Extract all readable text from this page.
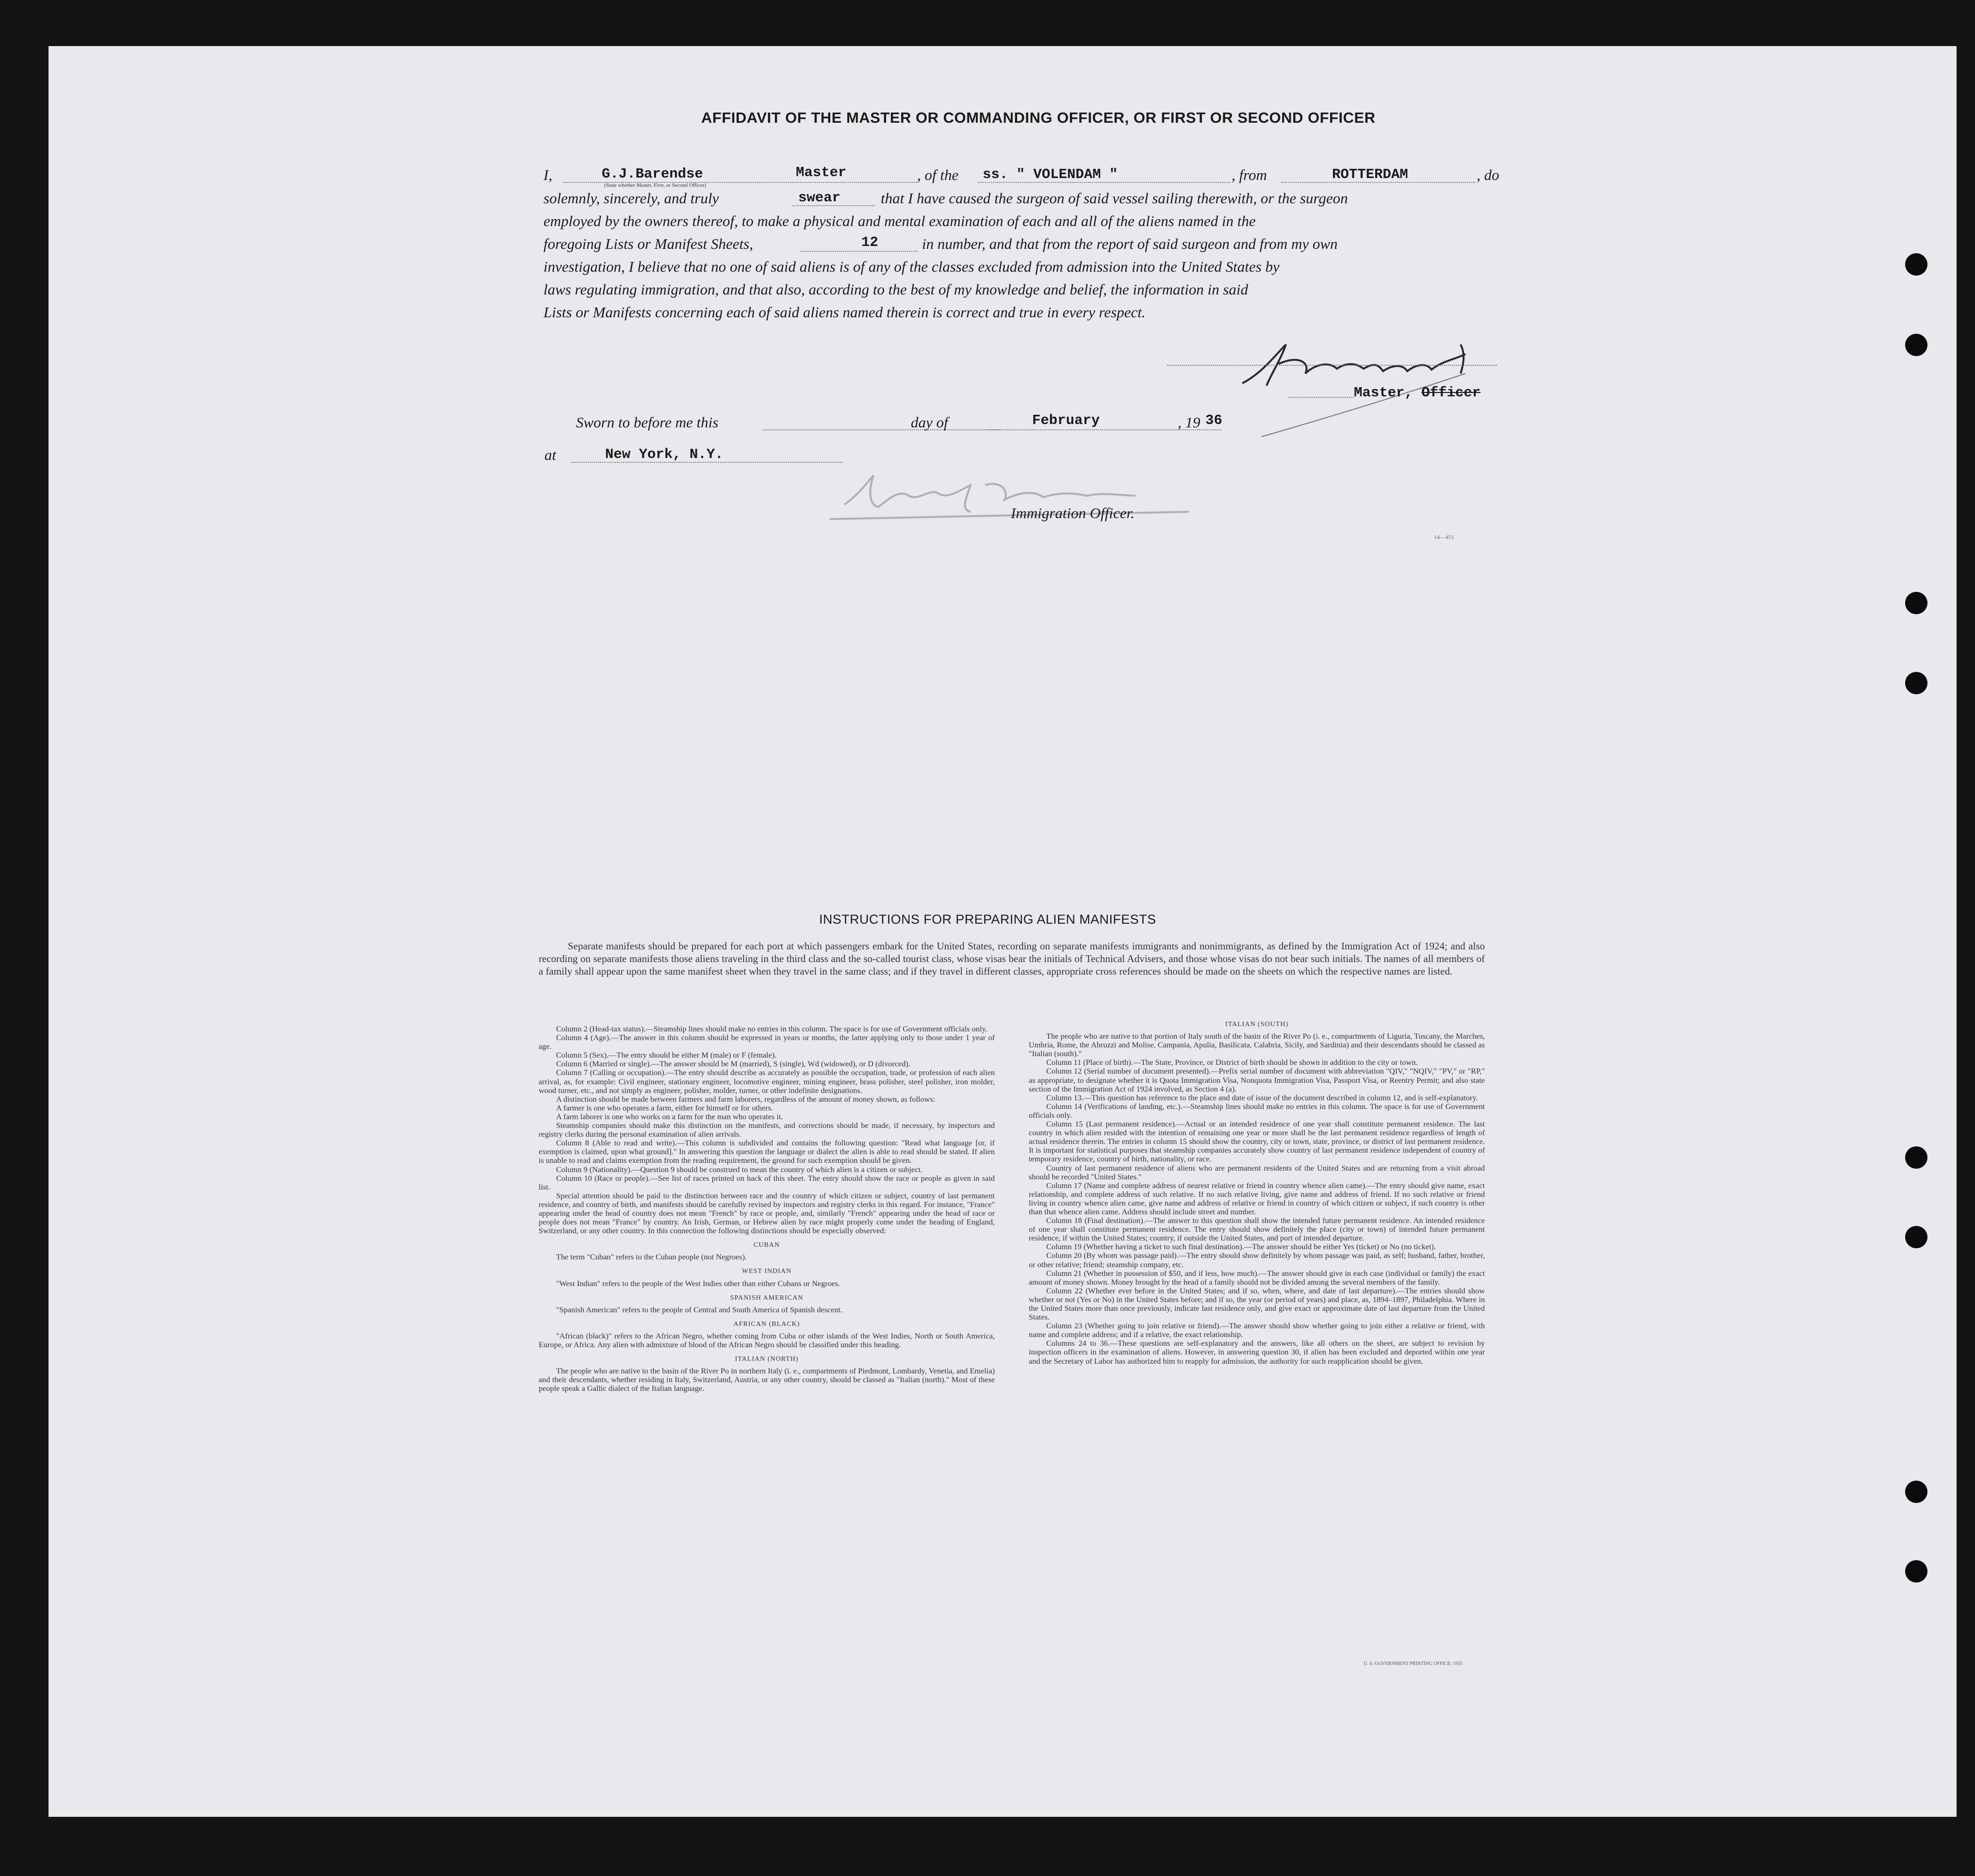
AFFIDAVIT OF THE MASTER OR COMMANDING OFFICER, OR FIRST OR SECOND OFFICER
I,	G.J.Barendse	Master
(State whether Master, First, or Second Officer)
, of the ss. " VOLENDAM "	, from	ROTTERDAM	, do
solemnly, sincerely, and truly	swear	that I have caused the surgeon of said vessel sailing therewith, or the surgeon
employed by the owners thereof, to make a physical and mental examination of each and all of the aliens named in the
foregoing Lists or Manifest Sheets,	12	in number, and that from the report of said surgeon and from my own
investigation, I believe that no one of said aliens is of any of the classes excluded from admission into the United States by
laws regulating immigration, and that also, according to the best of my knowledge and belief, the information in said
Lists or Manifests concerning each of said aliens named therein is correct and true in every respect.
Master, Officer
Sworn to before me this	day of	February	, 19 36
at	New York, N.Y.
Immigration Officer.
14—451
INSTRUCTIONS FOR PREPARING ALIEN MANIFESTS
Separate manifests should be prepared for each port at which passengers embark for the United States, recording on separate manifests immigrants and nonimmigrants, as defined by the Immigration Act of 1924; and also recording on separate manifests those aliens traveling in the third class and the so-called tourist class, whose visas bear the initials of Technical Advisers, and those whose visas do not bear such initials. The names of all members of a family shall appear upon the same manifest sheet when they travel in the same class; and if they travel in different classes, appropriate cross references should be made on the sheets on which the respective names are listed.

Column 2 (Head-tax status).—Steamship lines should make no entries in this column. The space is for use of Government officials only.

Column 4 (Age).—The answer in this column should be expressed in years or months, the latter applying only to those under 1 year of age.

Column 5 (Sex).—The entry should be either M (male) or F (female).

Column 6 (Married or single).—The answer should be M (married), S (single), Wd (widowed), or D (divorced).

Column 7 (Calling or occupation).—The entry should describe as accurately as possible the occupation, trade, or profession of each alien arrival, as, for example: Civil engineer, stationary engineer, locomotive engineer, mining engineer, brass polisher, steel polisher, iron molder, wood turner, etc., and not simply as engineer, polisher, molder, turner, or other indefinite designations.

A distinction should be made between farmers and farm laborers, regardless of the amount of money shown, as follows:

A farmer is one who operates a farm, either for himself or for others.

A farm laborer is one who works on a farm for the man who operates it.

Steamship companies should make this distinction on the manifests, and corrections should be made, if necessary, by inspectors and registry clerks during the personal examination of alien arrivals.

Column 8 (Able to read and write).—This column is subdivided and contains the following question: "Read what language [or, if exemption is claimed, upon what ground]." In answering this question the language or dialect the alien is able to read should be stated. If alien is unable to read and claims exemption from the reading requirement, the ground for such exemption should be given.

Column 9 (Nationality).—Question 9 should be construed to mean the country of which alien is a citizen or subject.

Column 10 (Race or people).—See list of races printed on back of this sheet. The entry should show the race or people as given in said list.

Special attention should be paid to the distinction between race and the country of which citizen or subject, country of last permanent residence, and country of birth, and manifests should be carefully revised by inspectors and registry clerks in this regard. For instance, "France" appearing under the head of country does not mean "French" by race or people, and, similarly "French" appearing under the head of race or people does not mean "France" by country. An Irish, German, or Hebrew alien by race might properly come under the heading of England, Switzerland, or any other country. In this connection the following distinctions should be especially observed:

CUBAN

The term "Cuban" refers to the Cuban people (not Negroes).

WEST INDIAN

"West Indian" refers to the people of the West Indies other than either Cubans or Negroes.

SPANISH AMERICAN

"Spanish American" refers to the people of Central and South America of Spanish descent.

AFRICAN (BLACK)

"African (black)" refers to the African Negro, whether coming from Cuba or other islands of the West Indies, North or South America, Europe, or Africa. Any alien with admixture of blood of the African Negro should be classified under this heading.

ITALIAN (NORTH)

The people who are native to the basin of the River Po in northern Italy (i. e., compartments of Piedmont, Lombardy, Venetia, and Emelia) and their descendants, whether residing in Italy, Switzerland, Austria, or any other country, should be classed as "Italian (north)." Most of these people speak a Gallic dialect of the Italian language.

ITALIAN (SOUTH)

The people who are native to that portion of Italy south of the basin of the River Po (i. e., compartments of Liguria, Tuscany, the Marches, Umbria, Rome, the Abruzzi and Molise, Campania, Apulia, Basilicata, Calabria, Sicily, and Sardinia) and their descendants should be classed as "Italian (south)."

Column 11 (Place of birth).—The State, Province, or District of birth should be shown in addition to the city or town.

Column 12 (Serial number of document presented).—Prefix serial number of document with abbreviation "QIV," "NQIV," "PV," or "RP," as appropriate, to designate whether it is Quota Immigration Visa, Nonquota Immigration Visa, Passport Visa, or Reentry Permit; and also state section of the Immigration Act of 1924 involved, as Section 4 (a).

Column 13.—This question has reference to the place and date of issue of the document described in column 12, and is self-explanatory.

Column 14 (Verifications of landing, etc.).—Steamship lines should make no entries in this column. The space is for use of Government officials only.

Column 15 (Last permanent residence).—Actual or an intended residence of one year shall constitute permanent residence. The last country in which alien resided with the intention of remaining one year or more shall be the last permanent residence regardless of length of actual residence therein. The entries in column 15 should show the country, city or town, state, province, or district of last permanent residence. It is important for statistical purposes that steamship companies accurately show country of last permanent residence independent of country of temporary residence, country of birth, nationality, or race.

Country of last permanent residence of aliens who are permanent residents of the United States and are returning from a visit abroad should be recorded "United States."

Column 17 (Name and complete address of nearest relative or friend in country whence alien came).—The entry should give name, exact relationship, and complete address of such relative. If no such relative living, give name and address of friend. If no such relative or friend living in country whence alien came, give name and address of relative or friend in country of which citizen or subject, if such country is other than that whence alien came. Address should include street and number.

Column 18 (Final destination).—The answer to this question shall show the intended future permanent residence. An intended residence of one year shall constitute permanent residence. The entry should show definitely the place (city or town) of intended future permanent residence, if within the United States; country, if outside the United States, and port of intended departure.

Column 19 (Whether having a ticket to such final destination).—The answer should be either Yes (ticket) or No (no ticket).

Column 20 (By whom was passage paid).—The entry should show definitely by whom passage was paid, as self; husband, father, brother, or other relative; friend; steamship company, etc.

Column 21 (Whether in possession of $50, and if less, how much).—The answer should give in each case (individual or family) the exact amount of money shown. Money brought by the head of a family should not be divided among the several members of the family.

Column 22 (Whether ever before in the United States; and if so, when, where, and date of last departure).—The entries should show whether or not (Yes or No) in the United States before; and if so, the year (or period of years) and place, as, 1894–1897, Philadelphia. Where in the United States more than once previously, indicate last residence only, and give exact or approximate date of last departure from the United States.

Column 23 (Whether going to join relative or friend).—The answer should show whether going to join either a relative or friend, with name and complete address; and if a relative, the exact relationship.

Columns 24 to 36.—These questions are self-explanatory and the answers, like all others on the sheet, are subject to revision by inspection officers in the examination of aliens. However, in answering question 30, if alien has been excluded and deported within one year and the Secretary of Labor has authorized him to reapply for admission, the authority for such reapplication should be given.

U. S. GOVERNMENT PRINTING OFFICE: 1935
